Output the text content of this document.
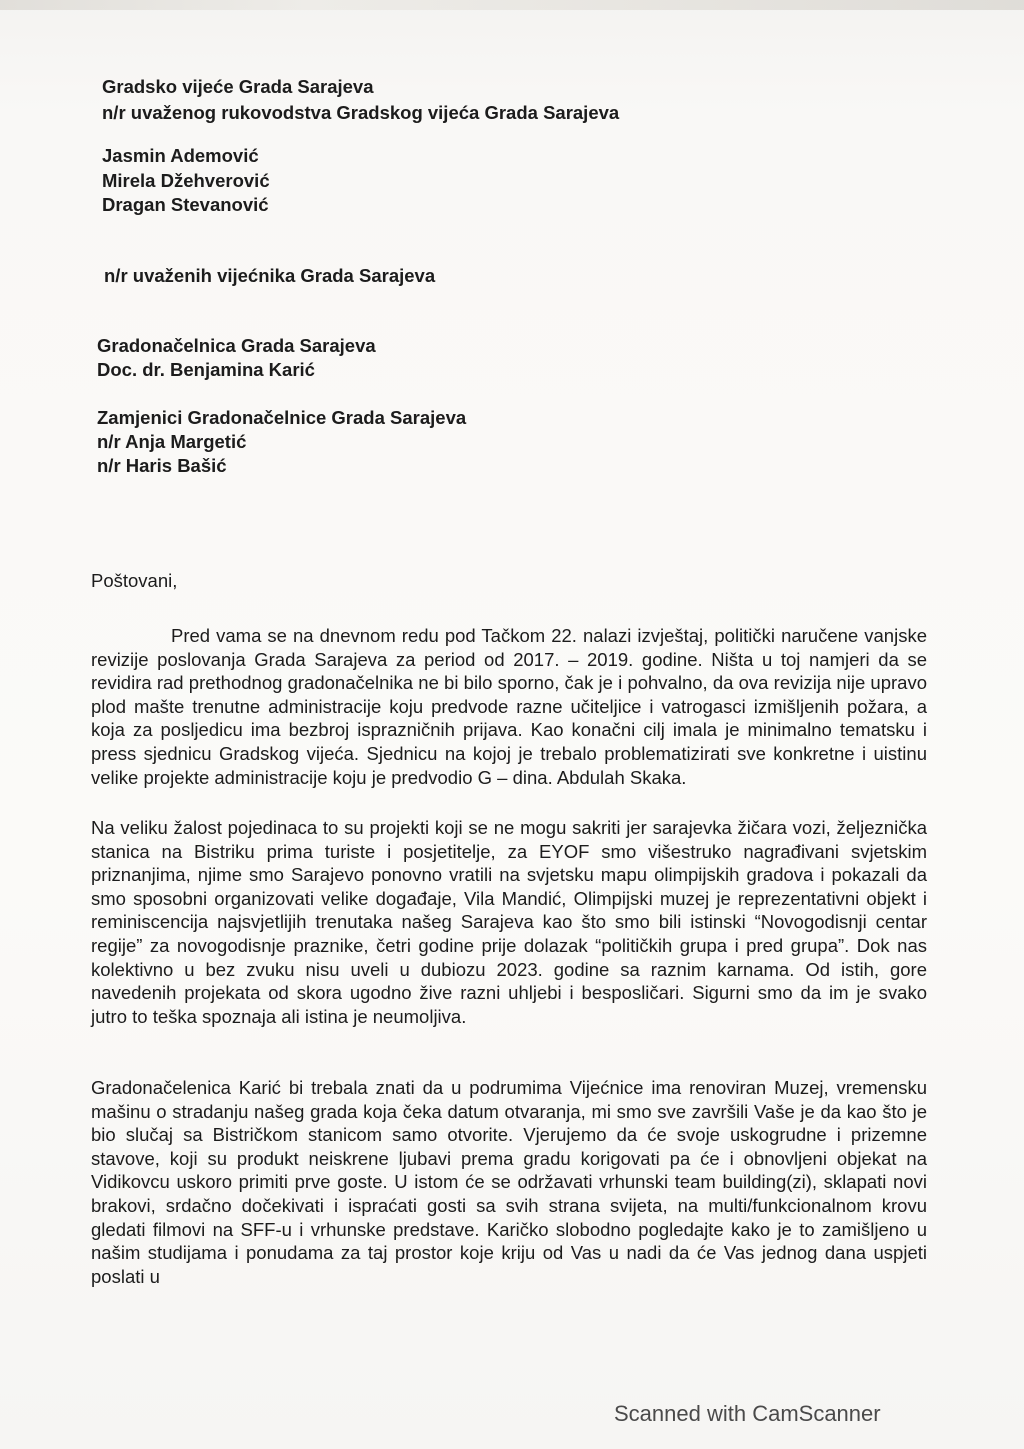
Gradsko vijeće Grada Sarajeva

n/r uvaženog rukovodstva Gradskog vijeća Grada Sarajeva

Jasmin Ademović

Mirela Džehverović

Dragan Stevanović

n/r uvaženih vijećnika Grada Sarajeva

Gradonačelnica Grada Sarajeva

Doc. dr. Benjamina Karić

Zamjenici Gradonačelnice Grada Sarajeva

n/r Anja Margetić

n/r Haris Bašić

Poštovani,

Pred vama se na dnevnom redu pod Tačkom 22. nalazi izvještaj, politički naručene vanjske revizije poslovanja Grada Sarajeva za period od 2017. – 2019. godine. Ništa u toj namjeri da se revidira rad prethodnog gradonačelnika ne bi bilo sporno, čak je i pohvalno, da ova revizija nije upravo plod mašte trenutne administracije koju predvode razne učiteljice i vatrogasci izmišljenih požara, a koja za posljedicu ima bezbroj isprazničnih prijava. Kao konačni cilj imala je minimalno tematsku i press sjednicu Gradskog vijeća. Sjednicu na kojoj je trebalo problematizirati sve konkretne i uistinu velike projekte administracije koju je predvodio G – dina. Abdulah Skaka.

Na veliku žalost pojedinaca to su projekti koji se ne mogu sakriti jer sarajevka žičara vozi, željeznička stanica na Bistriku prima turiste i posjetitelje, za EYOF smo višestruko nagrađivani svjetskim priznanjima, njime smo Sarajevo ponovno vratili na svjetsku mapu olimpijskih gradova i pokazali da smo sposobni organizovati velike događaje, Vila Mandić, Olimpijski muzej je reprezentativni objekt i reminiscencija najsvjetlijih trenutaka našeg Sarajeva kao što smo bili istinski “Novogodisnji centar regije” za novogodisnje praznike, četri godine prije dolazak “političkih grupa i pred grupa”. Dok nas kolektivno u bez zvuku nisu uveli u dubiozu 2023. godine sa raznim karnama. Od istih, gore navedenih projekata od skora ugodno žive razni uhljebi i besposličari. Sigurni smo da im je svako jutro to teška spoznaja ali istina je neumoljiva.

Gradonačelenica Karić bi trebala znati da u podrumima Vijećnice ima renoviran Muzej, vremensku mašinu o stradanju našeg grada koja čeka datum otvaranja, mi smo sve završili Vaše je da kao što je bio slučaj sa Bistričkom stanicom samo otvorite. Vjerujemo da će svoje uskogrudne i prizemne stavove, koji su produkt neiskrene ljubavi prema gradu korigovati pa će i obnovljeni objekat na Vidikovcu uskoro primiti prve goste. U istom će se održavati vrhunski team building(zi), sklapati novi brakovi, srdačno dočekivati i ispraćati gosti sa svih strana svijeta, na multi/funkcionalnom krovu gledati filmovi na SFF-u i vrhunske predstave. Karičko slobodno pogledajte kako je to zamišljeno u našim studijama i ponudama za taj prostor koje kriju od Vas u nadi da će Vas jednog dana uspjeti poslati u

Scanned with CamScanner
